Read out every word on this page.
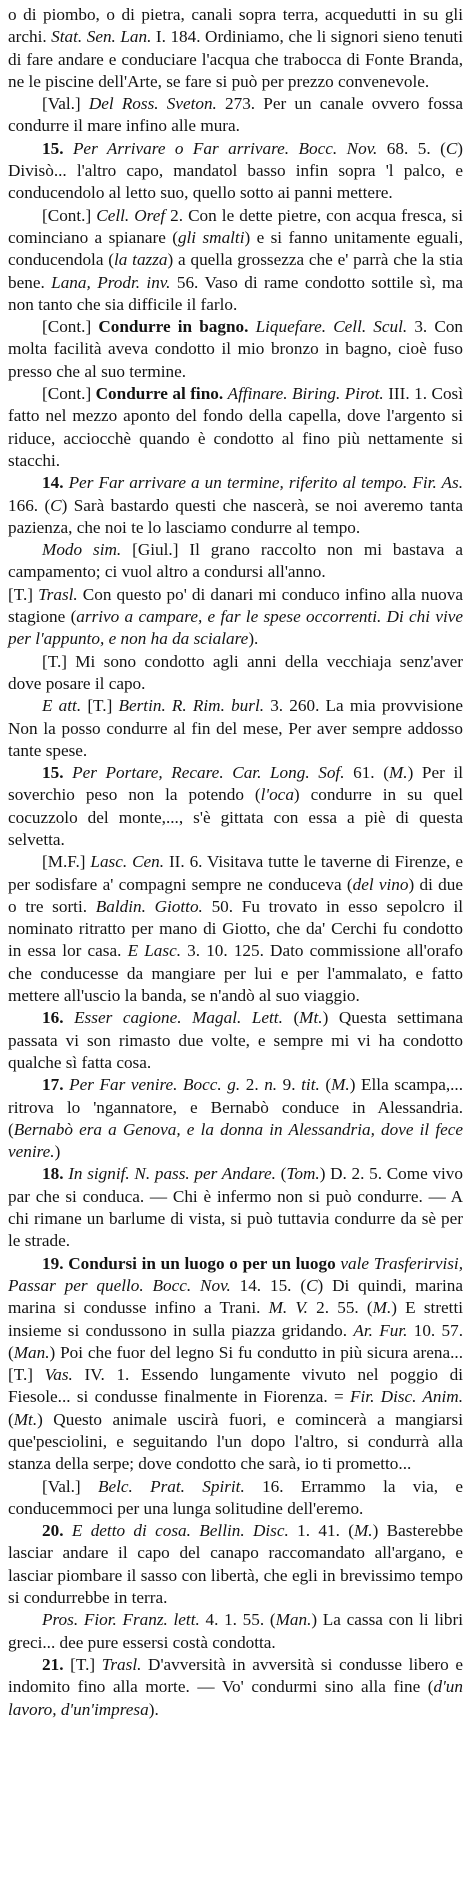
o di piombo, o di pietra, canali sopra terra, acquedutti in su gli archi. Stat. Sen. Lan. I. 184. Ordiniamo, che li signori sieno tenuti di fare andare e conduciare l'acqua che trabocca di Fonte Branda, ne le piscine dell'Arte, se fare si può per prezzo convenevole.

[Val.] Del Ross. Sveton. 273. Per un canale ovvero fossa condurre il mare infino alle mura.

15. Per Arrivare o Far arrivare. Bocc. Nov. 68. 5. (C) Divisò... l'altro capo, mandatol basso infin sopra 'l palco, e conducendolo al letto suo, quello sotto ai panni mettere.

[Cont.] Cell. Oref 2. Con le dette pietre, con acqua fresca, si cominciano a spianare (gli smalti) e si fanno unitamente eguali, conducendola (la tazza) a quella grossezza che e' parrà che la stia bene. Lana, Prodr. inv. 56. Vaso di rame condotto sottile sì, ma non tanto che sia difficile il farlo.

[Cont.] Condurre in bagno. Liquefare. Cell. Scul. 3. Con molta facilità aveva condotto il mio bronzo in bagno, cioè fuso presso che al suo termine.

[Cont.] Condurre al fino. Affinare. Biring. Pirot. III. 1. Così fatto nel mezzo aponto del fondo della capella, dove l'argento si riduce, acciocchè quando è condotto al fino più nettamente si stacchi.

14. Per Far arrivare a un termine, riferito al tempo. Fir. As. 166. (C) Sarà bastardo questi che nascerà, se noi averemo tanta pazienza, che noi te lo lasciamo condurre al tempo.

Modo sim. [Giul.] Il grano raccolto non mi bastava a campamento; ci vuol altro a condursi all'anno.

[T.] Trasl. Con questo po' di danari mi conduco infino alla nuova stagione (arrivo a campare, e far le spese occorrenti. Di chi vive per l'appunto, e non ha da scialare).

[T.] Mi sono condotto agli anni della vecchiaja senz'aver dove posare il capo.

E att. [T.] Bertin. R. Rim. burl. 3. 260. La mia provvisione Non la posso condurre al fin del mese, Per aver sempre addosso tante spese.

15. Per Portare, Recare. Car. Long. Sof. 61. (M.) Per il soverchio peso non la potendo (l'oca) condurre in su quel cocuzzolo del monte,..., s'è gittata con essa a piè di questa selvetta.

[M.F.] Lasc. Cen. II. 6. Visitava tutte le taverne di Firenze, e per sodisfare a' compagni sempre ne conduceva (del vino) di due o tre sorti. Baldin. Giotto. 50. Fu trovato in esso sepolcro il nominato ritratto per mano di Giotto, che da' Cerchi fu condotto in essa lor casa. E Lasc. 3. 10. 125. Dato commissione all'orafo che conducesse da mangiare per lui e per l'ammalato, e fatto mettere all'uscio la banda, se n'andò al suo viaggio.

16. Esser cagione. Magal. Lett. (Mt.) Questa settimana passata vi son rimasto due volte, e sempre mi vi ha condotto qualche sì fatta cosa.

17. Per Far venire. Bocc. g. 2. n. 9. tit. (M.) Ella scampa,... ritrova lo 'ngannatore, e Bernabò conduce in Alessandria. (Bernabò era a Genova, e la donna in Alessandria, dove il fece venire.)

18. In signif. N. pass. per Andare. (Tom.) D. 2. 5. Come vivo par che si conduca. — Chi è infermo non si può condurre. — A chi rimane un barlume di vista, si può tuttavia condurre da sè per le strade.

19. Condursi in un luogo o per un luogo vale Trasferirvisi, Passar per quello. Bocc. Nov. 14. 15. (C) Di quindi, marina marina si condusse infino a Trani. M. V. 2. 55. (M.) E stretti insieme si condussono in sulla piazza gridando. Ar. Fur. 10. 57. (Man.) Poi che fuor del legno Si fu condutto in più sicura arena... [T.] Vas. IV. 1. Essendo lungamente vivuto nel poggio di Fiesole... si condusse finalmente in Fiorenza. = Fir. Disc. Anim. (Mt.) Questo animale uscirà fuori, e comincerà a mangiarsi que'pesciolini, e seguitando l'un dopo l'altro, si condurrà alla stanza della serpe; dove condotto che sarà, io ti prometto...

[Val.] Belc. Prat. Spirit. 16. Errammo la via, e conducemmoci per una lunga solitudine dell'eremo.

20. E detto di cosa. Bellin. Disc. 1. 41. (M.) Basterebbe lasciar andare il capo del canapo raccomandato all'argano, e lasciar piombare il sasso con libertà, che egli in brevissimo tempo si condurrebbe in terra.

Pros. Fior. Franz. lett. 4. 1. 55. (Man.) La cassa con li libri greci... dee pure essersi costà condotta.

21. [T.] Trasl. D'avversità in avversità si condusse libero e indomito fino alla morte. — Vo' condurmi sino alla fine (d'un lavoro, d'un'impresa).
